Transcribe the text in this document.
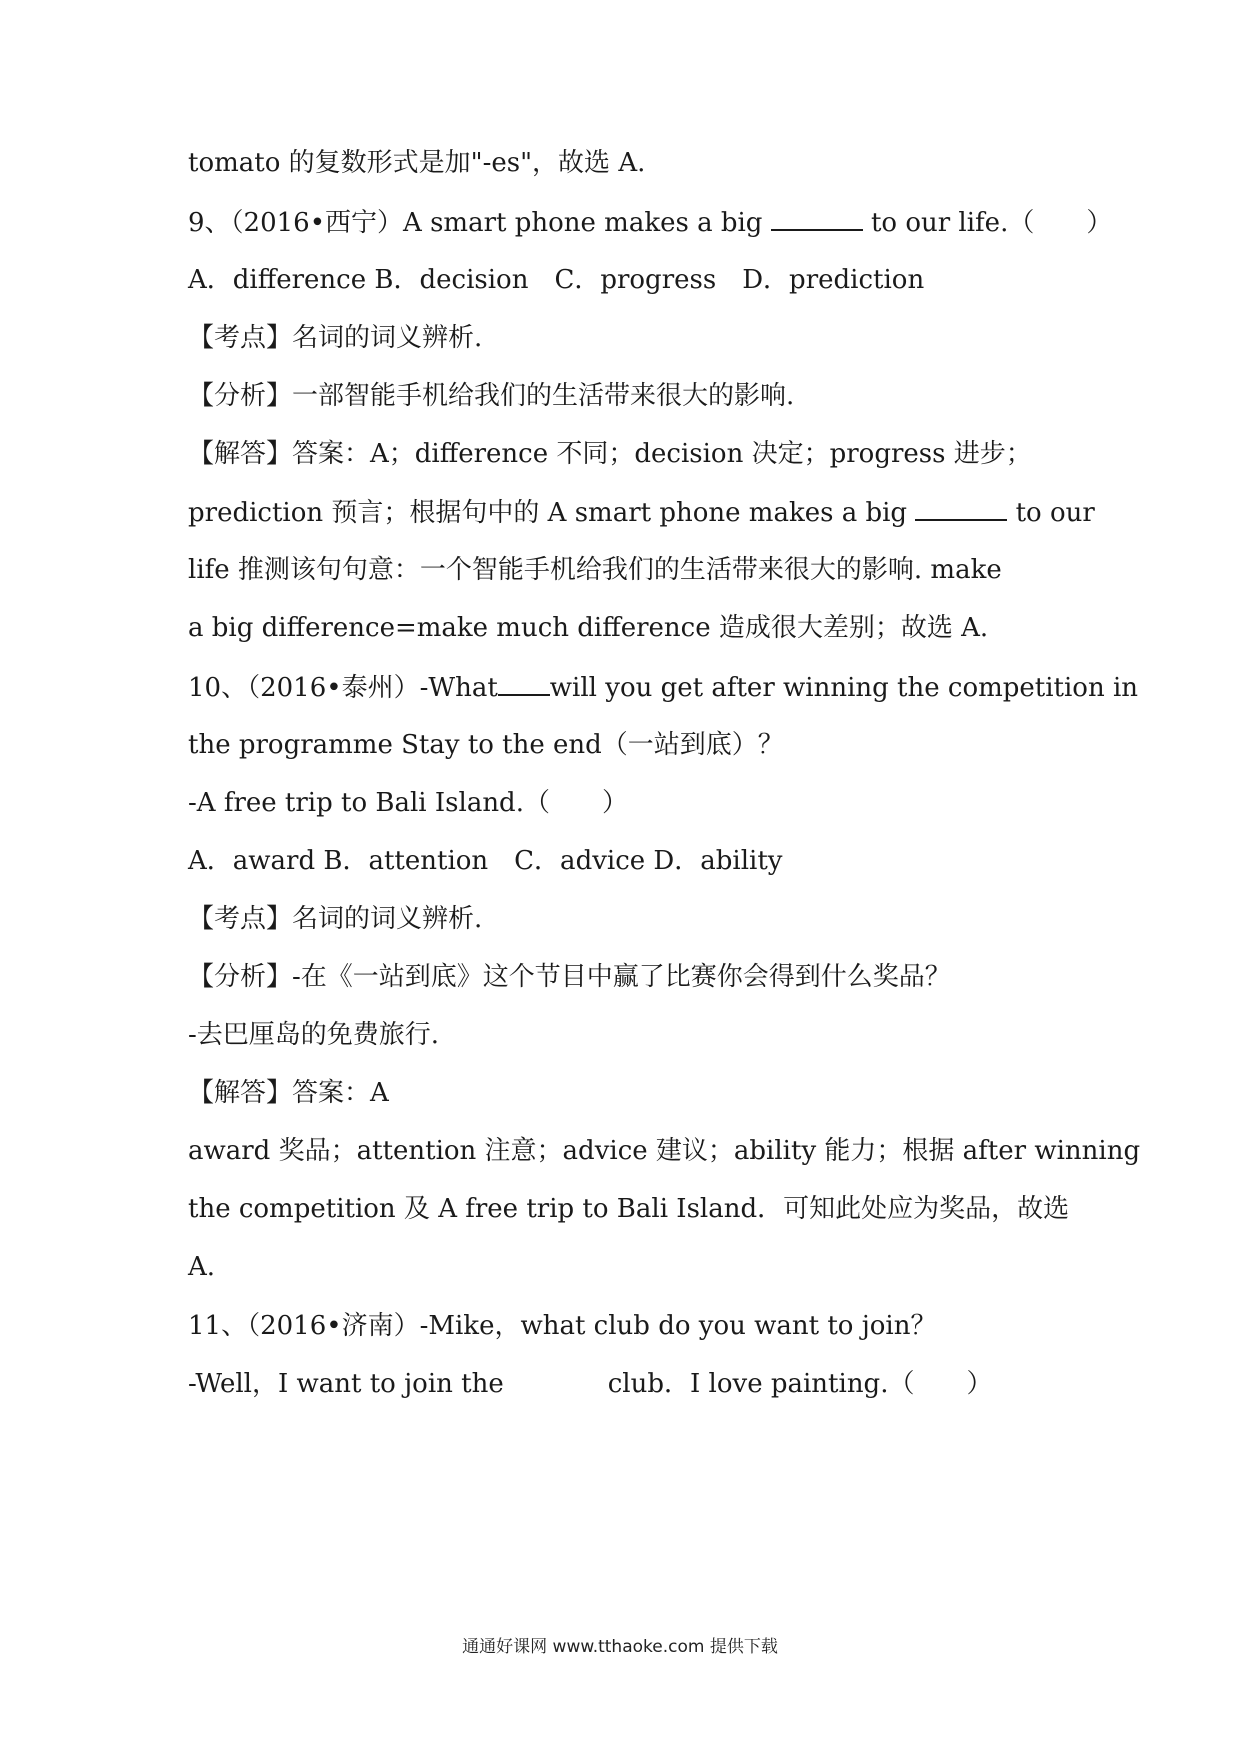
tomato 的复数形式是加"-es"，故选 A.
9、（2016•西宁）A smart phone makes a big	to our life.（　　）
A．difference B．decision　C．progress　D．prediction
【考点】名词的词义辨析.
【分析】一部智能手机给我们的生活带来很大的影响.
【解答】答案：A；difference 不同；decision 决定；progress 进步；
prediction 预言；根据句中的 A smart phone makes a big	to our
life 推测该句句意：一个智能手机给我们的生活带来很大的影响. make
a big difference=make much difference 造成很大差别；故选 A.
10、（2016•泰州）-What will you get after winning the competition in
the programme Stay to the end（一站到底）？
-A free trip to Bali Island.（　　）
A．award B．attention　C．advice D．ability
【考点】名词的词义辨析.
【分析】-在《一站到底》这个节目中赢了比赛你会得到什么奖品？
-去巴厘岛的免费旅行.
【解答】答案：A
award 奖品；attention 注意；advice 建议；ability 能力；根据 after winning
the competition 及 A free trip to Bali Island．可知此处应为奖品，故选
A.
11、（2016•济南）-Mike，what club do you want to join？
-Well，I want to join the	club．I love painting.（　　）
通通好课网 www.tthaoke.com 提供下载
